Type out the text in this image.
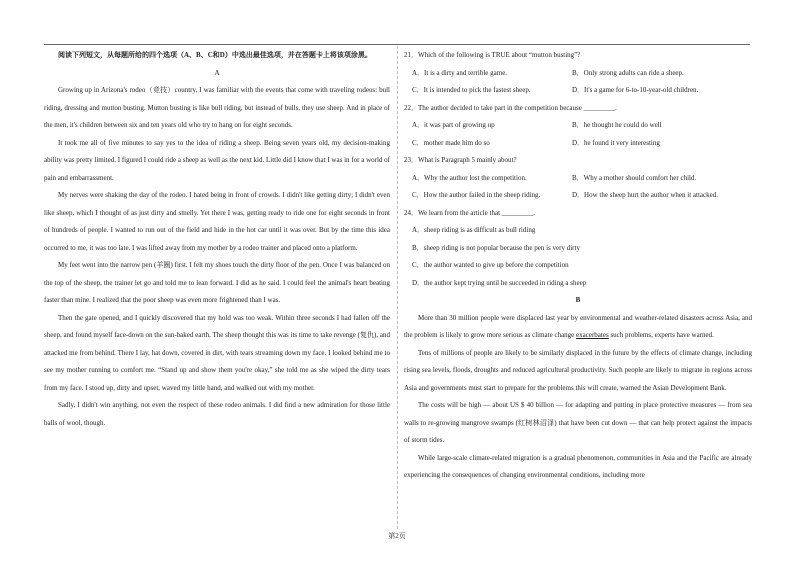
阅读下列短文，从每题所给的四个选项（A、B、C和D）中选出最佳选项，并在答题卡上将该项涂黑。

A

Growing up in Arizona's rodeo（竞技）country, I was familiar with the events that come with traveling rodeos: bull riding, dressing and mutton busting. Mutton busting is like bull riding, but instead of bulls, they use sheep. And in place of the men, it's children between six and ten years old who try to hang on for eight seconds.

It took me all of five minutes to say yes to the idea of riding a sheep. Being seven years old, my decision-making ability was pretty limited. I figured I could ride a sheep as well as the next kid. Little did I know that I was in for a world of pain and embarrassment.

My nerves were shaking the day of the rodeo. I hated being in front of crowds. I didn't like getting dirty; I didn't even like sheep, which I thought of as just dirty and smelly. Yet there I was, getting ready to ride one for eight seconds in front of hundreds of people. I wanted to run out of the field and hide in the hot car until it was over. But by the time this idea occurred to me, it was too late. I was lifted away from my mother by a rodeo trainer and placed onto a platform.

My feet went into the narrow pen (羊圈) first. I felt my shoes touch the dirty floor of the pen. Once I was balanced on the top of the sheep, the trainer let go and told me to lean forward. I did as he said. I could feel the animal's heart beating faster than mine. I realized that the poor sheep was even more frightened than I was.

Then the gate opened, and I quickly discovered that my hold was too weak. Within three seconds I had fallen off the sheep, and found myself face-down on the sun-baked earth. The sheep thought this was its time to take revenge (复仇), and attacked me from behind. There I lay, hat down, covered in dirt, with tears streaming down my face. I looked behind me to see my mother running to comfort me. “Stand up and show them you're okay,” she told me as she wiped the dirty tears from my face. I stood up, dirty and upset, waved my little hand, and walked out with my mother.

Sadly, I didn't win anything, not even the respect of these rodeo animals. I did find a new admiration for those little balls of wool, though.

21．Which of the following is TRUE about “mutton busting”?

A．It is a dirty and terrible game.	B．Only strong adults can ride a sheep.
C．It is intended to pick the fastest sheep.	D．It's a game for 6-to-10-year-old children.

22．The author decided to take part in the competition because _________.

A．it was part of growing up	B．he thought he could do well
C．mother made him do so	D．he found it very interesting

23．What is Paragraph 5 mainly about?

A．Why the author lost the competition.	B．Why a mother should comfort her child.
C．How the author failed in the sheep riding.	D．How the sheep hurt the author when it attacked.

24．We learn from the article that _________.

A．sheep riding is as difficult as bull riding

B．sheep riding is not popular because the pen is very dirty

C．the author wanted to give up before the competition

D．the author kept trying until he succeeded in riding a sheep

B

More than 30 million people were displaced last year by environmental and weather-related disasters across Asia, and the problem is likely to grow more serious as climate change exacerbates such problems, experts have warned.

Tens of millions of people are likely to be similarly displaced in the future by the effects of climate change, including rising sea levels, floods, droughts and reduced agricultural productivity. Such people are likely to migrate in regions across Asia and governments must start to prepare for the problems this will create, warned the Asian Development Bank.

The costs will be high — about US $ 40 billion — for adapting and putting in place protective measures — from sea walls to re-growing mangrove swamps (红树林沼泽) that have been cut down — that can help protect against the impacts of storm tides.

While large-scale climate-related migration is a gradual phenomenon, communities in Asia and the Pacific are already experiencing the consequences of changing environmental conditions, including more

第2页
